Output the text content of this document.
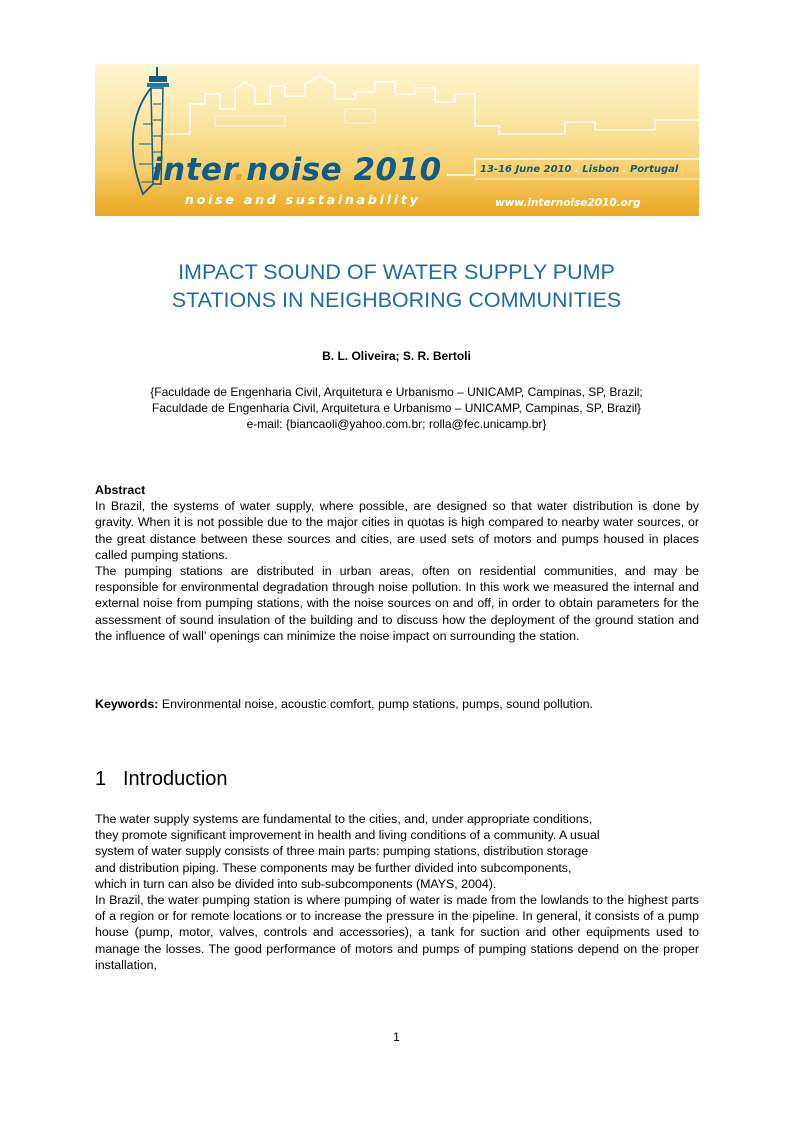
inter.noise 2010
noise and sustainability
13-16 June 2010 . Lisbon . Portugal
www.internoise2010.org
IMPACT SOUND OF WATER SUPPLY PUMP
STATIONS IN NEIGHBORING COMMUNITIES
B. L. Oliveira; S. R. Bertoli
{Faculdade de Engenharia Civil, Arquitetura e Urbanismo – UNICAMP, Campinas, SP, Brazil;
Faculdade de Engenharia Civil, Arquitetura e Urbanismo – UNICAMP, Campinas, SP, Brazil}
e-mail: {biancaoli@yahoo.com.br; rolla@fec.unicamp.br}
Abstract
In Brazil, the systems of water supply, where possible, are designed so that water distribution is done by gravity. When it is not possible due to the major cities in quotas is high compared to nearby water sources, or the great distance between these sources and cities, are used sets of motors and pumps housed in places called pumping stations.
The pumping stations are distributed in urban areas, often on residential communities, and may be responsible for environmental degradation through noise pollution. In this work we measured the internal and external noise from pumping stations, with the noise sources on and off, in order to obtain parameters for the assessment of sound insulation of the building and to discuss how the deployment of the ground station and the influence of wall’ openings can minimize the noise impact on surrounding the station.
Keywords: Environmental noise, acoustic comfort, pump stations, pumps, sound pollution.
1 Introduction
The water supply systems are fundamental to the cities, and, under appropriate conditions,
they promote significant improvement in health and living conditions of a community. A usual
system of water supply consists of three main parts: pumping stations, distribution storage
and distribution piping. These components may be further divided into subcomponents,
which in turn can also be divided into sub-subcomponents (MAYS, 2004).
In Brazil, the water pumping station is where pumping of water is made from the lowlands to the highest parts of a region or for remote locations or to increase the pressure in the pipeline. In general, it consists of a pump house (pump, motor, valves, controls and accessories), a tank for suction and other equipments used to manage the losses. The good performance of motors and pumps of pumping stations depend on the proper installation,
1
